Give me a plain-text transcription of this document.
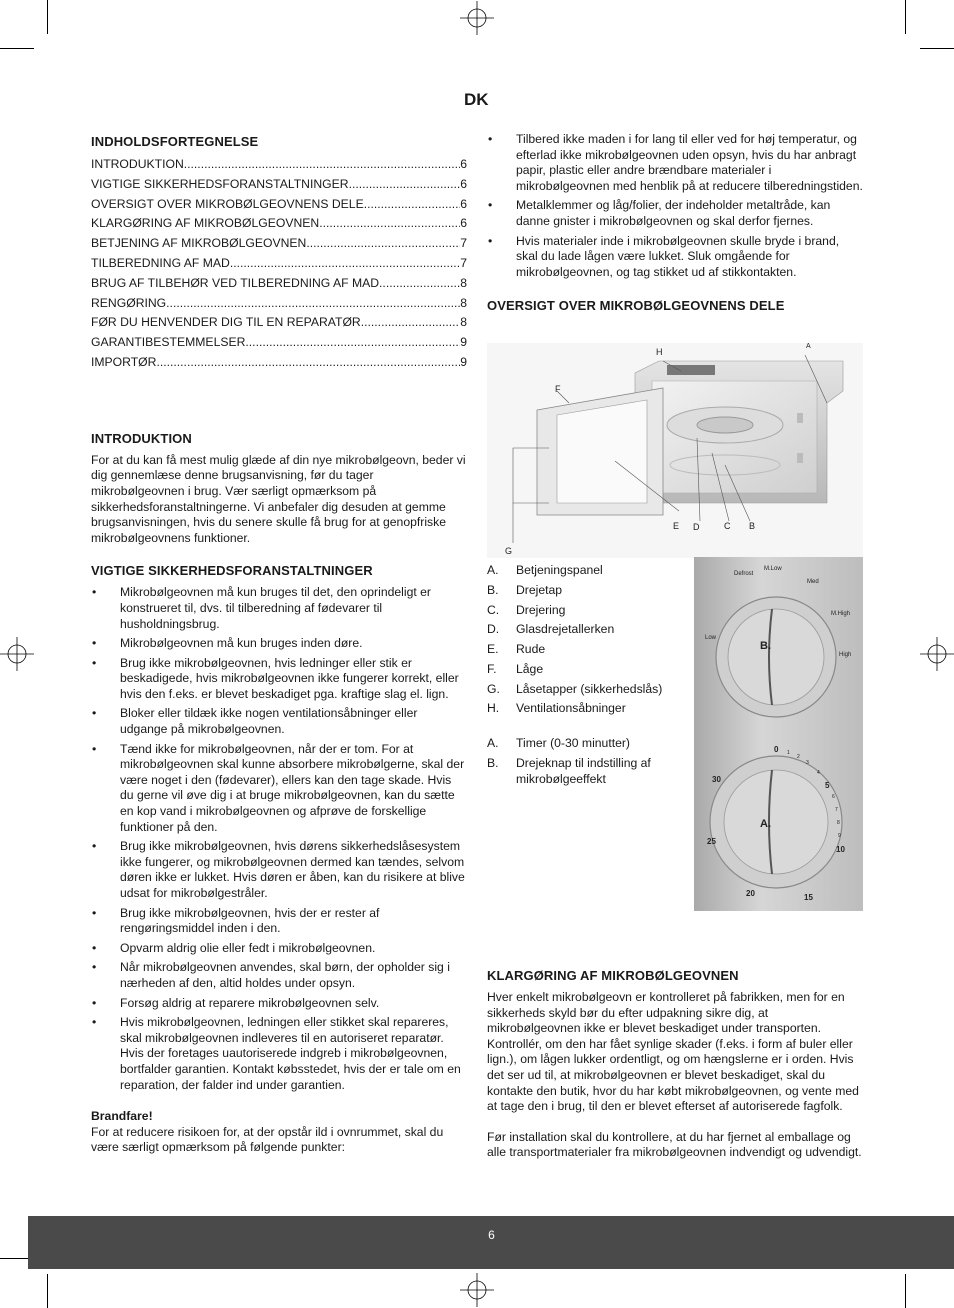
DK
INDHOLDSFORTEGNELSE
INTRODUKTION .....	6
VIGTIGE SIKKERHEDSFORANSTALTNINGER .....	6
OVERSIGT OVER MIKROBØLGEOVNENS DELE .....	6
KLARGØRING AF MIKROBØLGEOVNEN .....	6
BETJENING AF MIKROBØLGEOVNEN .....	7
TILBEREDNING AF MAD .....	7
BRUG AF TILBEHØR VED TILBEREDNING AF MAD .....	8
RENGØRING .....	8
FØR DU HENVENDER DIG TIL EN REPARATØR .....	8
GARANTIBESTEMMELSER .....	9
IMPORTØR .....	9
INTRODUKTION

For at du kan få mest mulig glæde af din nye mikrobølgeovn, beder vi dig gennemlæse denne brugsanvisning, før du tager mikrobølgeovnen i brug. Vær særligt opmærksom på sikkerhedsforanstaltningerne. Vi anbefaler dig desuden at gemme brugsanvisningen, hvis du senere skulle få brug for at genopfriske mikrobølgeovnens funktioner.

VIGTIGE SIKKERHEDSFORANSTALTNINGER
• Mikrobølgeovnen må kun bruges til det, den oprindeligt er konstrueret til, dvs. til tilberedning af fødevarer til husholdningsbrug.
• Mikrobølgeovnen må kun bruges inden døre.
• Brug ikke mikrobølgeovnen, hvis ledninger eller stik er beskadigede, hvis mikrobølgeovnen ikke fungerer korrekt, eller hvis den f.eks. er blevet beskadiget pga. kraftige slag el. lign.
• Bloker eller tildæk ikke nogen ventilationsåbninger eller udgange på mikrobølgeovnen.
• Tænd ikke for mikrobølgeovnen, når der er tom. For at mikrobølgeovnen skal kunne absorbere mikrobølgerne, skal der være noget i den (fødevarer), ellers kan den tage skade. Hvis du gerne vil øve dig i at bruge mikrobølgeovnen, kan du sætte en kop vand i mikrobølgeovnen og afprøve de forskellige funktioner på den.
• Brug ikke mikrobølgeovnen, hvis dørens sikkerhedslåsesystem ikke fungerer, og mikrobølgeovnen dermed kan tændes, selvom døren ikke er lukket. Hvis døren er åben, kan du risikere at blive udsat for mikrobølgestråler.
• Brug ikke mikrobølgeovnen, hvis der er rester af rengøringsmiddel inden i den.
• Opvarm aldrig olie eller fedt i mikrobølgeovnen.
• Når mikrobølgeovnen anvendes, skal børn, der opholder sig i nærheden af den, altid holdes under opsyn.
• Forsøg aldrig at reparere mikrobølgeovnen selv.
• Hvis mikrobølgeovnen, ledningen eller stikket skal repareres, skal mikrobølgeovnen indleveres til en autoriseret reparatør. Hvis der foretages uautoriserede indgreb i mikrobølgeovnen, bortfalder garantien. Kontakt købsstedet, hvis der er tale om en reparation, der falder ind under garantien.

Brandfare!

For at reducere risikoen for, at der opstår ild i ovnrummet, skal du være særligt opmærksom på følgende punkter:

• Tilbered ikke maden i for lang til eller ved for høj temperatur, og efterlad ikke mikrobølgeovnen uden opsyn, hvis du har anbragt papir, plastic eller andre brændbare materialer i mikrobølgeovnen med henblik på at reducere tilberedningstiden.
• Metalklemmer og låg/folier, der indeholder metaltråde, kan danne gnister i mikrobølgeovnen og skal derfor fjernes.
• Hvis materialer inde i mikrobølgeovnen skulle bryde i brand, skal du lade lågen være lukket. Sluk omgående for mikrobølgeovnen, og tag stikket ud af stikkontakten.
OVERSIGT OVER MIKROBØLGEOVNENS DELE
H
A
F
E D	C B
G
A.	Betjeningspanel
B.	Drejetap
C.	Drejering
D.	Glasdrejetallerken
E.	Rude
F.	Låge
G.	Låsetapper (sikkerhedslås)
H.	Ventilationsåbninger
A.	Timer (0-30 minutter)
B.	Drejeknap til indstilling af mikrobølgeeffekt
Defrost
M.Low
Med
M.High
High
Low
B.
A.
0 1
2
3
4
5
6
7
8
9
10
15
20
25
30
KLARGØRING AF MIKROBØLGEOVNEN

Hver enkelt mikrobølgeovn er kontrolleret på fabrikken, men for en sikkerheds skyld bør du efter udpakning sikre dig, at mikrobølgeovnen ikke er blevet beskadiget under transporten. Kontrollér, om den har fået synlige skader (f.eks. i form af buler eller lign.), om lågen lukker ordentligt, og om hængslerne er i orden. Hvis det ser ud til, at mikrobølgeovnen er blevet beskadiget, skal du kontakte den butik, hvor du har købt mikrobølgeovnen, og vente med at tage den i brug, til den er blevet efterset af autoriserede fagfolk.

Før installation skal du kontrollere, at du har fjernet al emballage og alle transportmaterialer fra mikrobølgeovnen indvendigt og udvendigt.

6
